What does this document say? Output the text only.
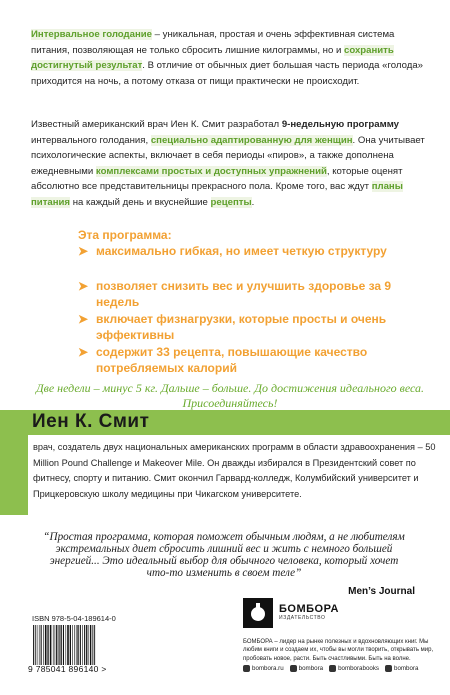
Интервальное голодание – уникальная, простая и очень эффективная система питания, позволяющая не только сбросить лишние килограммы, но и сохранить достигнутый результат. В отличие от обычных диет большая часть периода «голода» приходится на ночь, а потому отказа от пищи практически не происходит.
Известный американский врач Иен К. Смит разработал 9-недельную программу интервального голодания, специально адаптированную для женщин. Она учитывает психологические аспекты, включает в себя периоды «пиров», а также дополнена ежедневными комплексами простых и доступных упражнений, которые оценят абсолютно все представительницы прекрасного пола. Кроме того, вас ждут планы питания на каждый день и вкуснейшие рецепты.
Эта программа:
➤ максимально гибкая, но имеет четкую структуру
➤ позволяет снизить вес и улучшить здоровье за 9 недель
➤ включает физнагрузки, которые просты и очень эффективны
➤ содержит 33 рецепта, повышающие качество потребляемых калорий
Две недели – минус 5 кг. Дальше – больше. До достижения идеального веса. Присоединяйтесь!
Иен К. Смит
врач, создатель двух национальных американских программ в области здравоохранения – 50 Million Pound Challenge и Makeover Mile. Он дважды избирался в Президентский совет по фитнесу, спорту и питанию. Смит окончил Гарвард-колледж, Колумбийский университет и Прицкеровскую школу медицины при Чикагском университете.
“Простая программа, которая поможет обычным людям, а не любителям экстремальных диет сбросить лишний вес и жить с немного большей энергией... Это идеальный выбор для обычного человека, который хочет что-то изменить в своем теле”
Men’s Journal
ISBN 978-5-04-189614-0
9 785041 896140 >
БОМБОРА
ИЗДАТЕЛЬСТВО
БОМБОРА – лидер на рынке полезных и вдохновляющих книг. Мы любим книги и создаем их, чтобы вы могли творить, открывать мир, пробовать новое, расти. Быть счастливыми. Быть на волне.
bombora.ru bombora bomborabooks bombora
